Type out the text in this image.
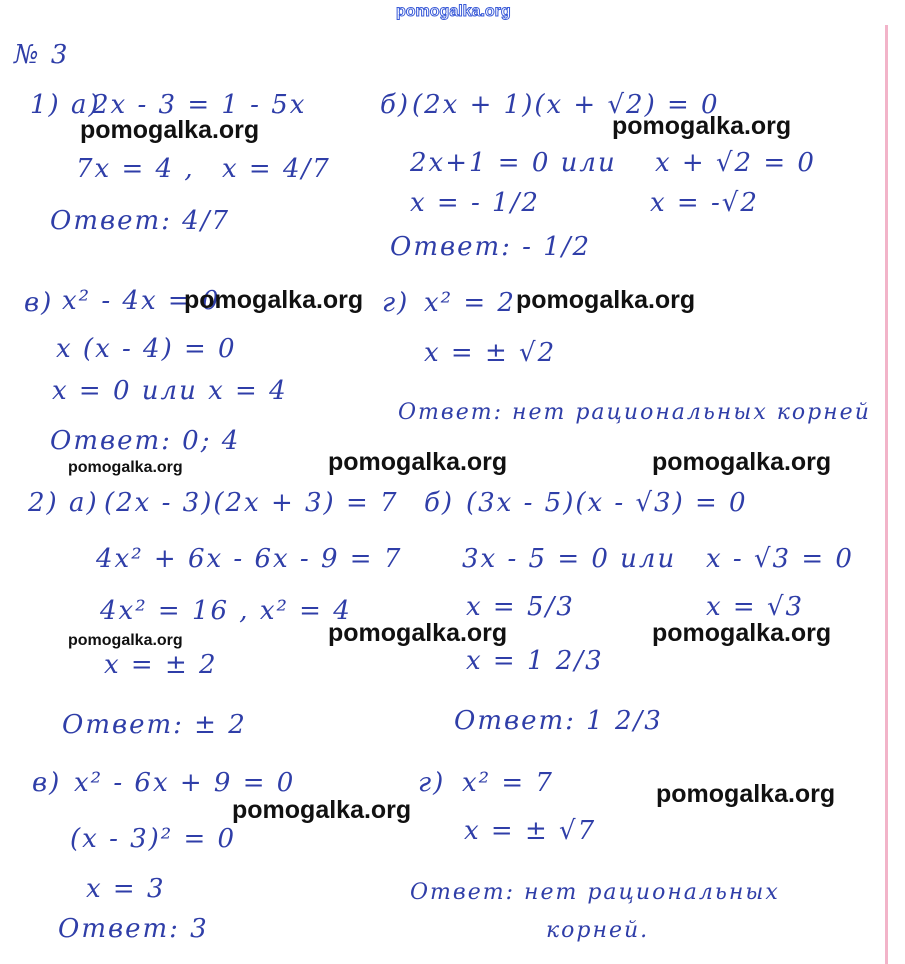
pomogalka.org
№ 3
1) а)
2x - 3 = 1 - 5x
7x = 4 , x = 4/7
Ответ: 4/7
б) (2x + 1)(x + √2) = 0
2x+1 = 0 или x + √2 = 0
x = - 1/2	x = -√2
Ответ: - 1/2
в) x² - 4x = 0
x (x - 4) = 0
x = 0 или x = 4
Ответ: 0; 4
г) x² = 2
x = ± √2
Ответ: нет рациональных корней
2) а) (2x - 3)(2x + 3) = 7
4x² + 6x - 6x - 9 = 7
4x² = 16 , x² = 4
x = ± 2
Ответ: ± 2
б) (3x - 5)(x - √3) = 0
3x - 5 = 0 или x - √3 = 0
x = 5/3	x = √3
x = 1 2/3
Ответ: 1 2/3
в) x² - 6x + 9 = 0
(x - 3)² = 0
x = 3
Ответ: 3
г) x² = 7
x = ± √7
Ответ: нет рациональных
корней.
pomogalka.org	pomogalka.org
pomogalka.org	pomogalka.org
pomogalka.org	pomogalka.org	pomogalka.org
pomogalka.org	pomogalka.org	pomogalka.org
pomogalka.org
pomogalka.org
